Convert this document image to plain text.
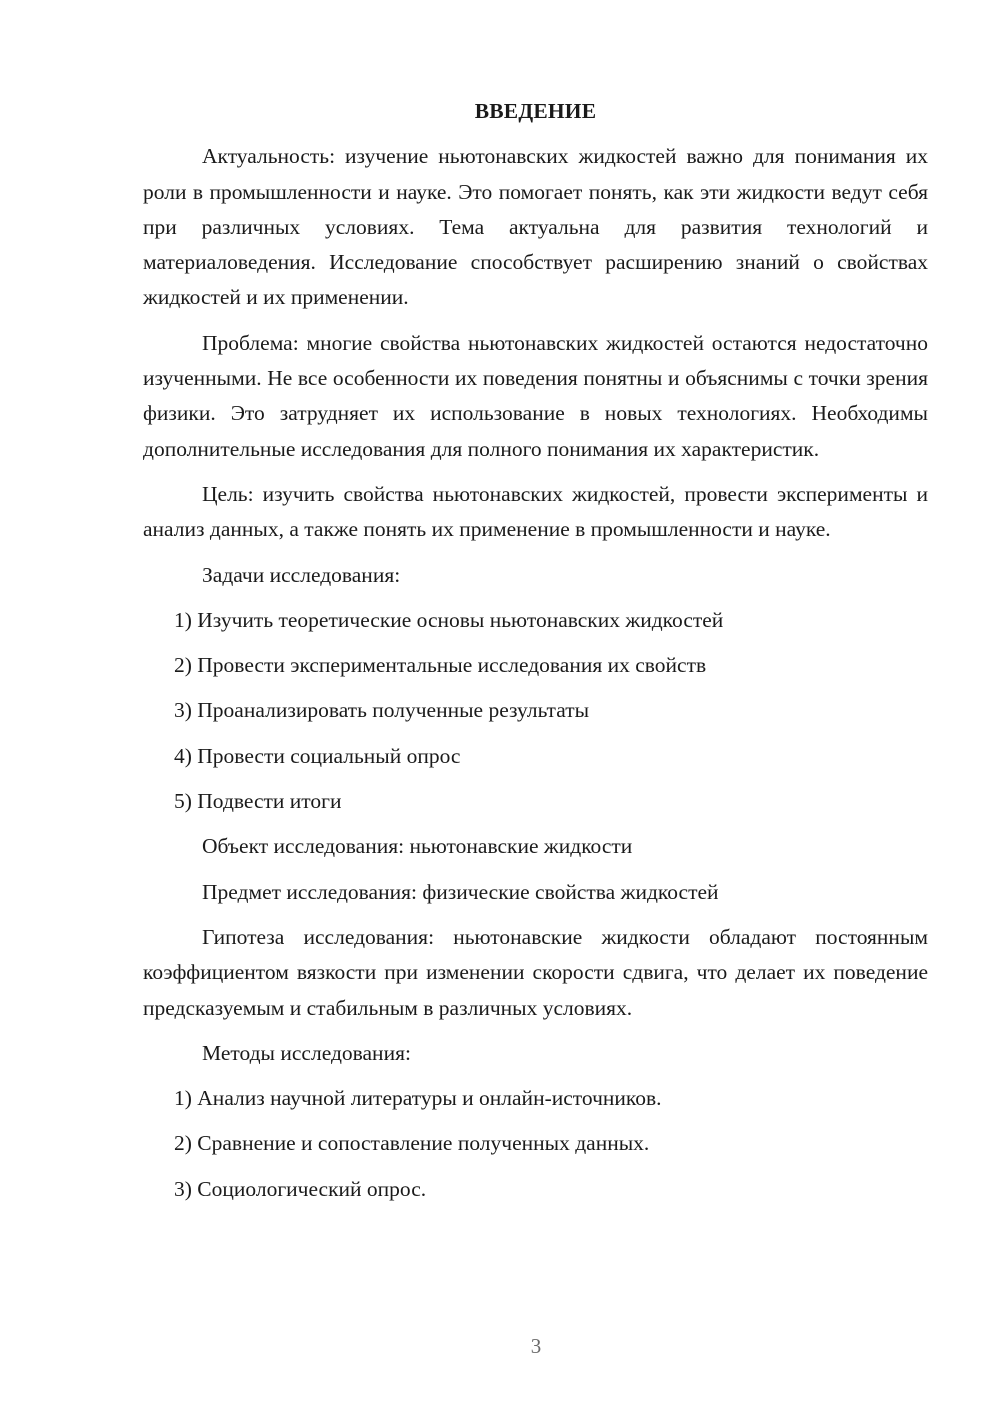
ВВЕДЕНИЕ

Актуальность: изучение ньютонавских жидкостей важно для понимания их роли в промышленности и науке. Это помогает понять, как эти жидкости ведут себя при различных условиях. Тема актуальна для развития технологий и материаловедения. Исследование способствует расширению знаний о свойствах жидкостей и их применении.

Проблема: многие свойства ньютонавских жидкостей остаются недостаточно изученными. Не все особенности их поведения понятны и объяснимы с точки зрения физики. Это затрудняет их использование в новых технологиях. Необходимы дополнительные исследования для полного понимания их характеристик.

Цель: изучить свойства ньютонавских жидкостей, провести эксперименты и анализ данных, а также понять их применение в промышленности и науке.

Задачи исследования:
1) Изучить теоретические основы ньютонавских жидкостей
2) Провести экспериментальные исследования их свойств
3) Проанализировать полученные результаты
4) Провести социальный опрос
5) Подвести итоги
Объект исследования: ньютонавские жидкости
Предмет исследования: физические свойства жидкостей

Гипотеза исследования: ньютонавские жидкости обладают постоянным коэффициентом вязкости при изменении скорости сдвига, что делает их поведение предсказуемым и стабильным в различных условиях.

Методы исследования:
1) Анализ научной литературы и онлайн-источников.
2) Сравнение и сопоставление полученных данных.
3) Социологический опрос.
3
